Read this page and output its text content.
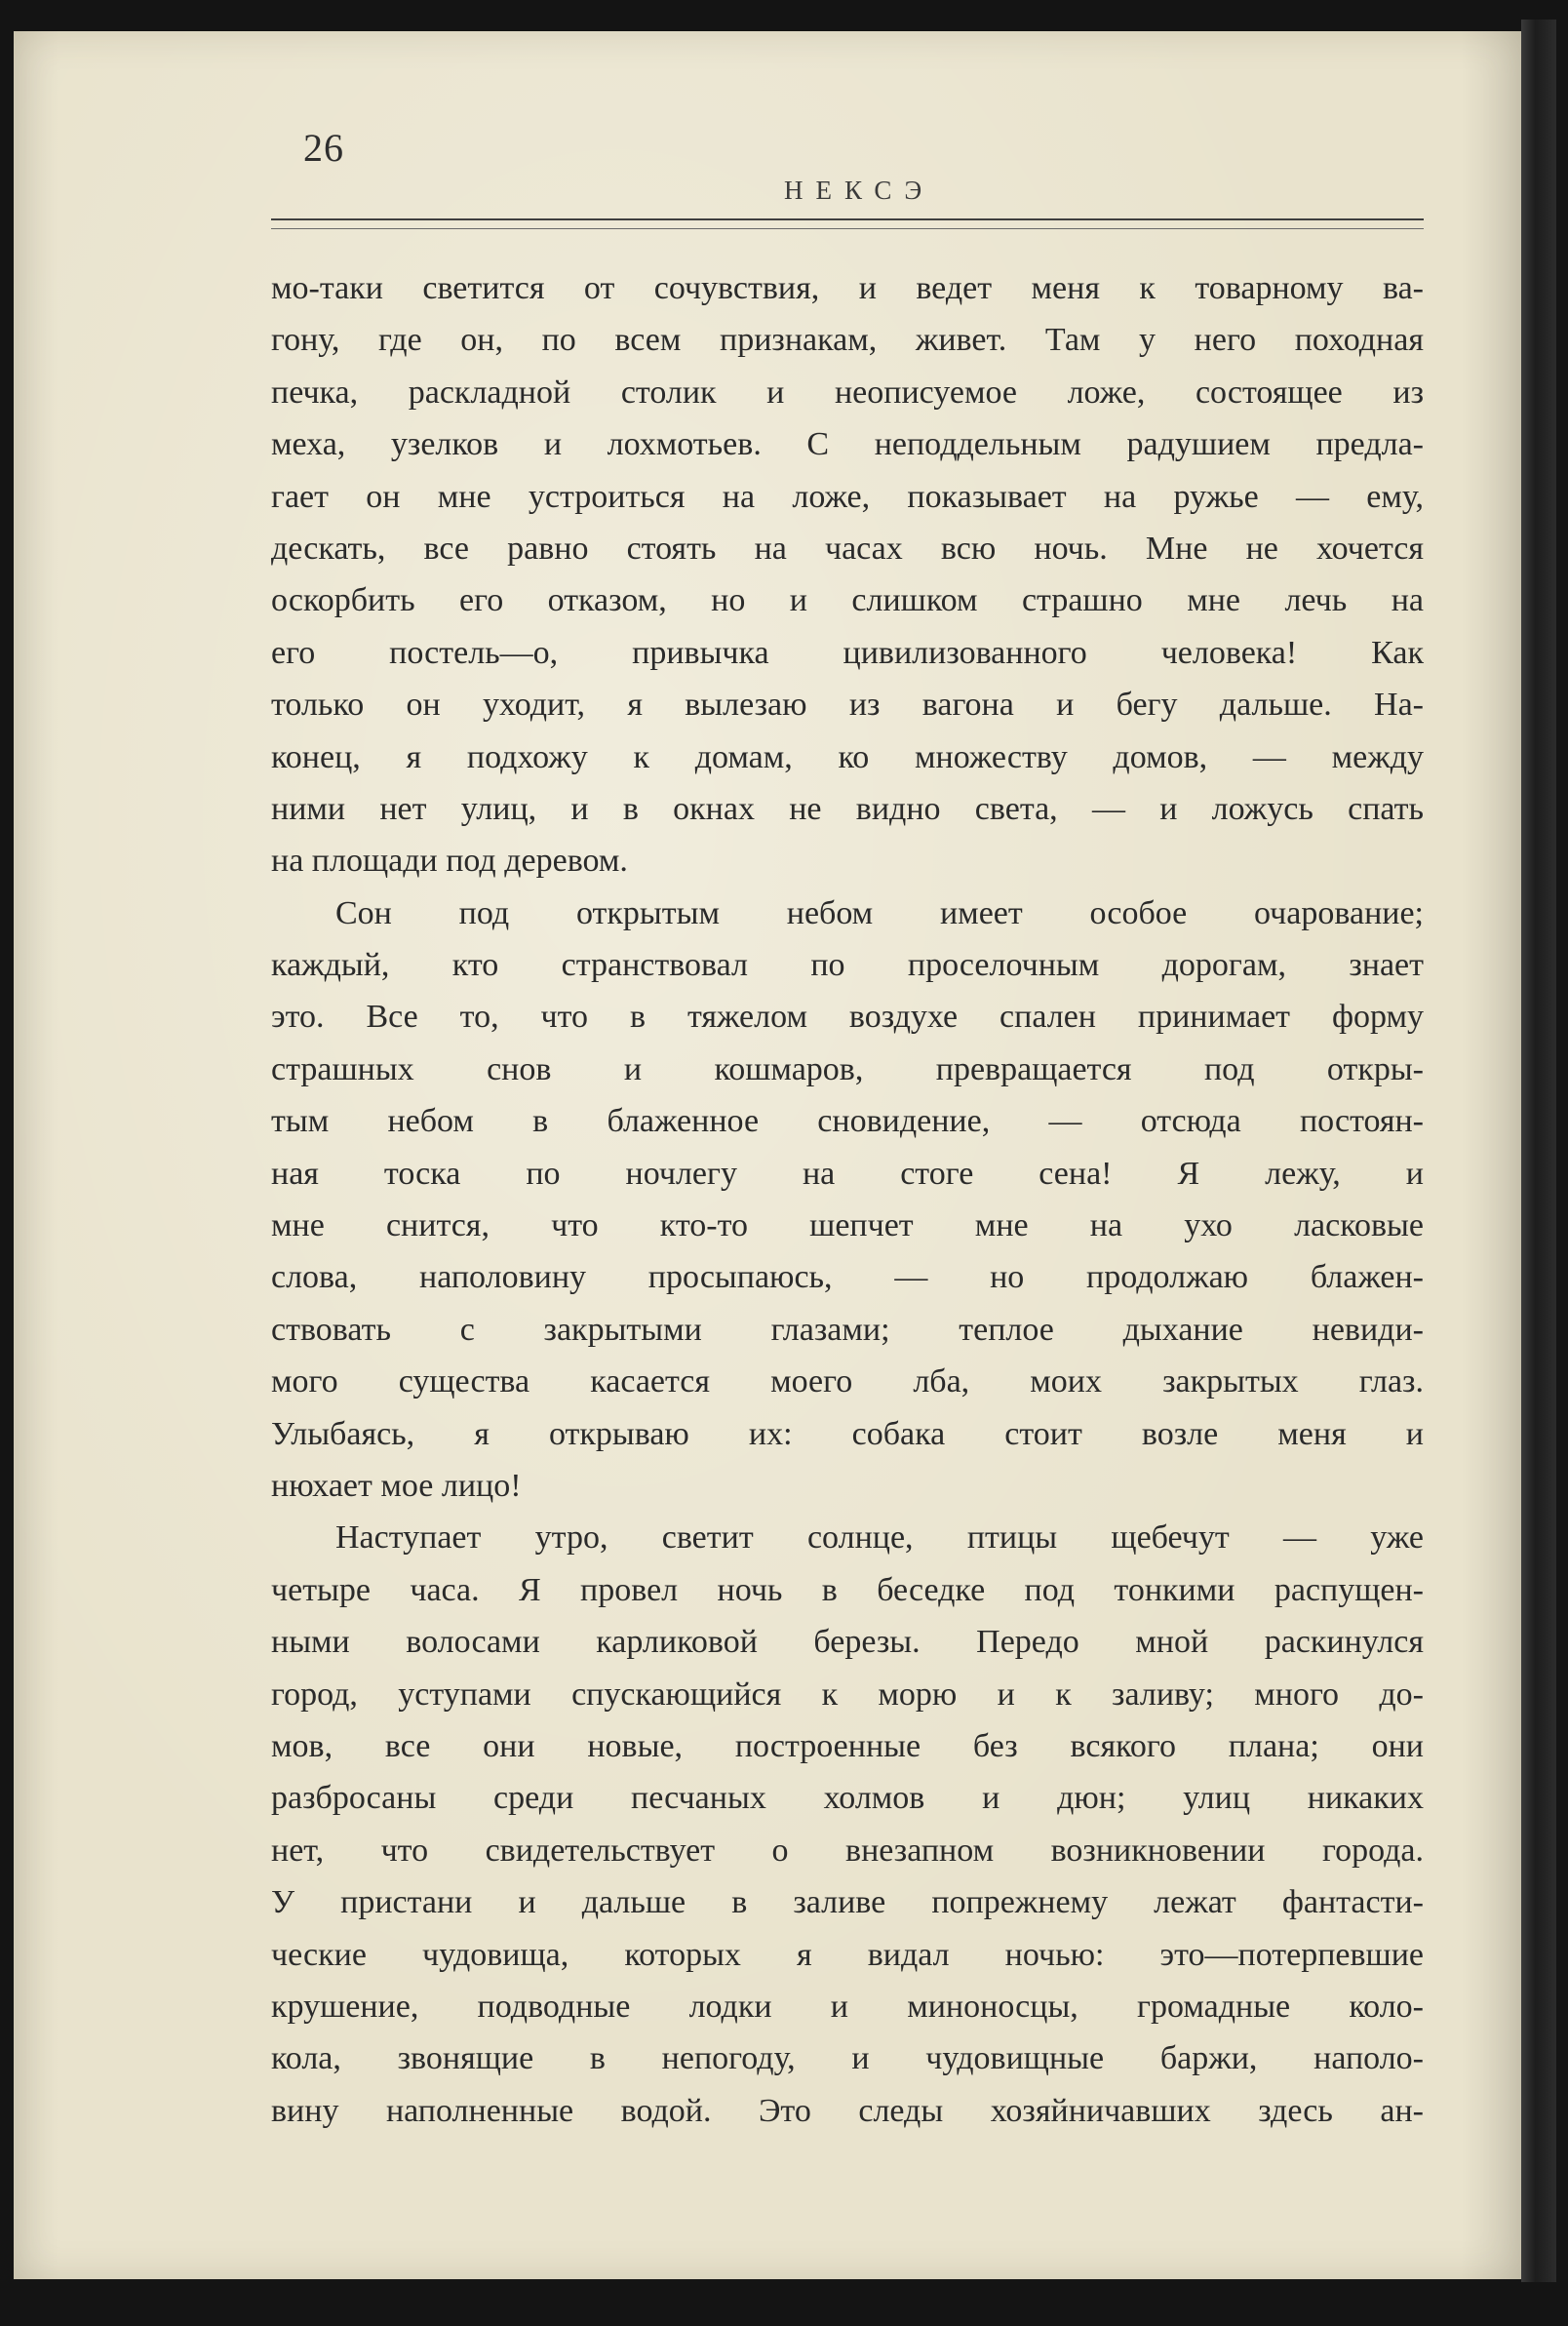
26
НЕКСЭ
мо-таки светится от сочувствия, и ведет меня к товарному ва-
гону, где он, по всем признакам, живет. Там у него походная
печка, раскладной столик и неописуемое ложе, состоящее из
меха, узелков и лохмотьев. С неподдельным радушием предла-
гает он мне устроиться на ложе, показывает на ружье — ему,
дескать, все равно стоять на часах всю ночь. Мне не хочется
оскорбить его отказом, но и слишком страшно мне лечь на
его постель—о, привычка цивилизованного человека! Как
только он уходит, я вылезаю из вагона и бегу дальше. На-
конец, я подхожу к домам, ко множеству домов, — между
ними нет улиц, и в окнах не видно света, — и ложусь спать
на площади под деревом.
Сон под открытым небом имеет особое очарование;
каждый, кто странствовал по проселочным дорогам, знает
это. Все то, что в тяжелом воздухе спален принимает форму
страшных снов и кошмаров, превращается под откры-
тым небом в блаженное сновидение, — отсюда постоян-
ная тоска по ночлегу на стоге сена! Я лежу, и
мне снится, что кто-то шепчет мне на ухо ласковые
слова, наполовину просыпаюсь, — но продолжаю блажен-
ствовать с закрытыми глазами; теплое дыхание невиди-
мого существа касается моего лба, моих закрытых глаз.
Улыбаясь, я открываю их: собака стоит возле меня и
нюхает мое лицо!
Наступает утро, светит солнце, птицы щебечут — уже
четыре часа. Я провел ночь в беседке под тонкими распущен-
ными волосами карликовой березы. Передо мной раскинулся
город, уступами спускающийся к морю и к заливу; много до-
мов, все они новые, построенные без всякого плана; они
разбросаны среди песчаных холмов и дюн; улиц никаких
нет, что свидетельствует о внезапном возникновении города.
У пристани и дальше в заливе попрежнему лежат фантасти-
ческие чудовища, которых я видал ночью: это—потерпевшие
крушение, подводные лодки и миноносцы, громадные коло-
кола, звонящие в непогоду, и чудовищные баржи, наполо-
вину наполненные водой. Это следы хозяйничавших здесь ан-
